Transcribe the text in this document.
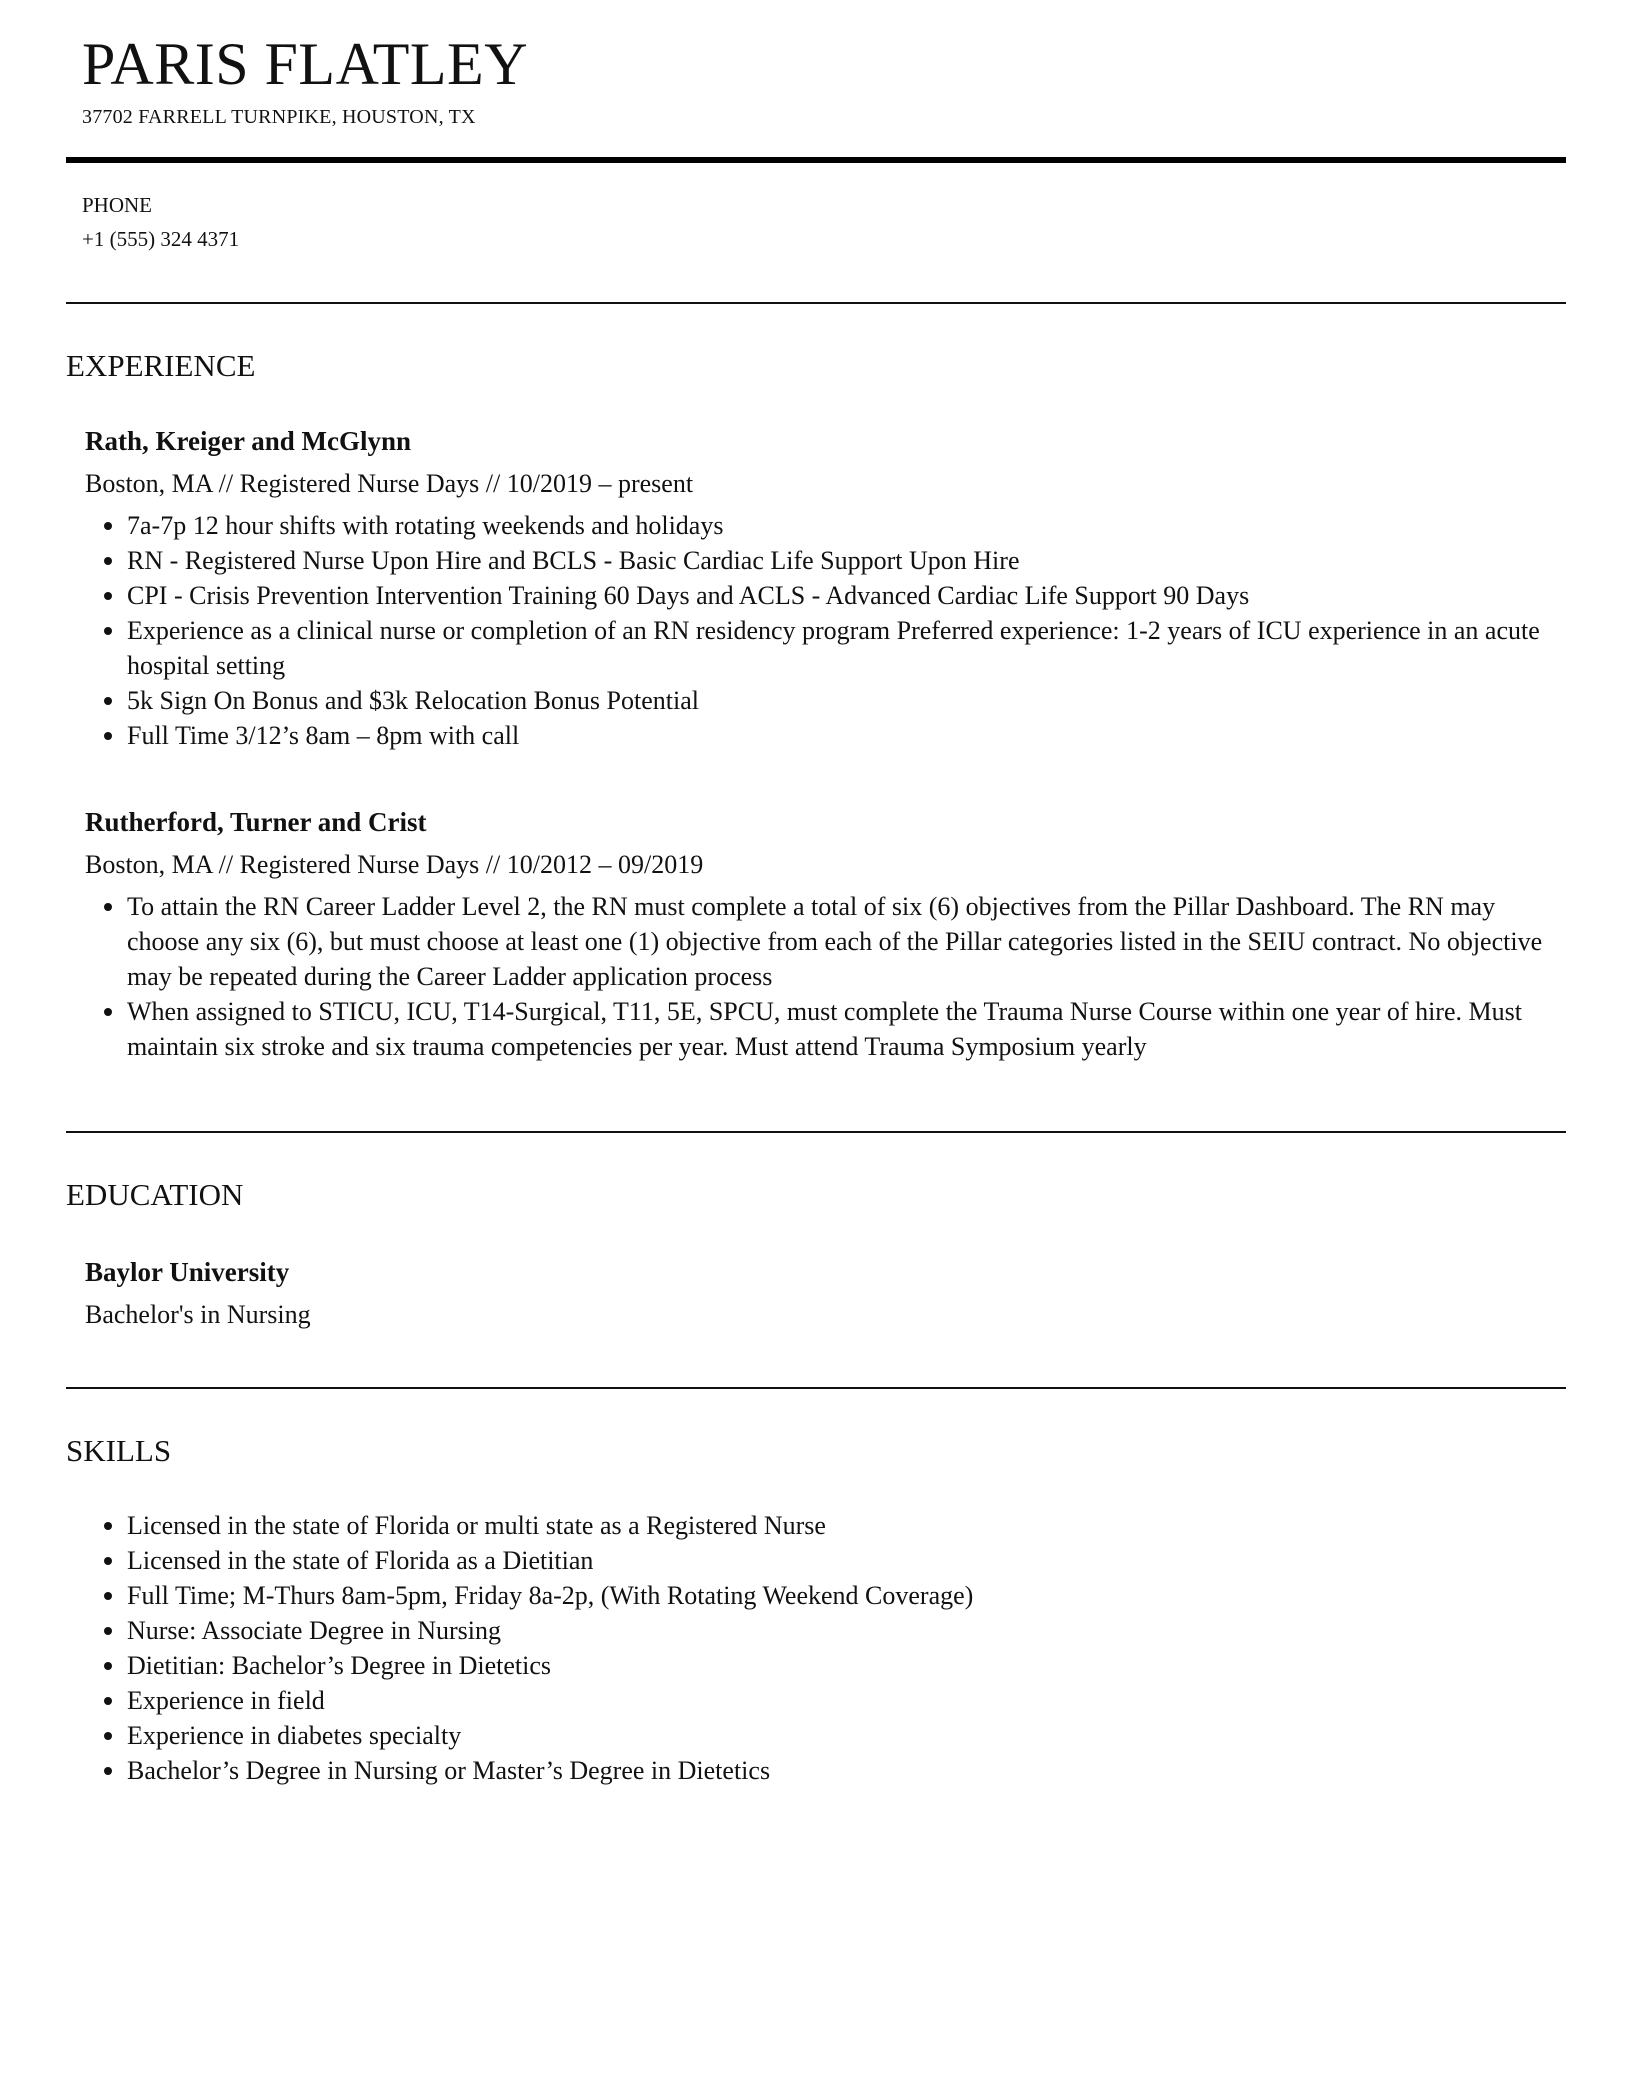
PARIS FLATLEY
37702 FARRELL TURNPIKE, HOUSTON, TX
PHONE
+1 (555) 324 4371
EXPERIENCE
Rath, Kreiger and McGlynn
Boston, MA // Registered Nurse Days // 10/2019 – present
7a-7p 12 hour shifts with rotating weekends and holidays
RN - Registered Nurse Upon Hire and BCLS - Basic Cardiac Life Support Upon Hire
CPI - Crisis Prevention Intervention Training 60 Days and ACLS - Advanced Cardiac Life Support 90 Days
Experience as a clinical nurse or completion of an RN residency program Preferred experience: 1-2 years of ICU experience in an acute hospital setting
5k Sign On Bonus and $3k Relocation Bonus Potential
Full Time 3/12’s 8am – 8pm with call
Rutherford, Turner and Crist
Boston, MA // Registered Nurse Days // 10/2012 – 09/2019
To attain the RN Career Ladder Level 2, the RN must complete a total of six (6) objectives from the Pillar Dashboard. The RN may choose any six (6), but must choose at least one (1) objective from each of the Pillar categories listed in the SEIU contract. No objective may be repeated during the Career Ladder application process
When assigned to STICU, ICU, T14-Surgical, T11, 5E, SPCU, must complete the Trauma Nurse Course within one year of hire. Must maintain six stroke and six trauma competencies per year. Must attend Trauma Symposium yearly
EDUCATION
Baylor University
Bachelor's in Nursing
SKILLS
Licensed in the state of Florida or multi state as a Registered Nurse
Licensed in the state of Florida as a Dietitian
Full Time; M-Thurs 8am-5pm, Friday 8a-2p, (With Rotating Weekend Coverage)
Nurse: Associate Degree in Nursing
Dietitian: Bachelor’s Degree in Dietetics
Experience in field
Experience in diabetes specialty
Bachelor’s Degree in Nursing or Master’s Degree in Dietetics
